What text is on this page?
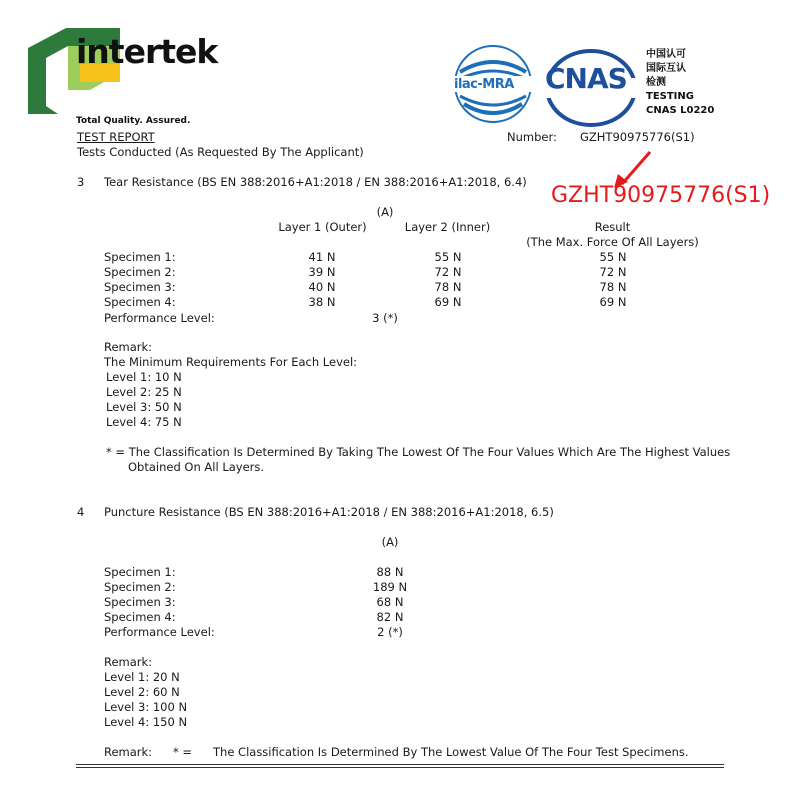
intertek
Total Quality. Assured.
ilac-MRA CNAS
中国认可
国际互认
检测
TESTING
CNAS L0220
TEST REPORT
Tests Conducted (As Requested By The Applicant)
Number: GZHT90975776(S1)
GZHT90975776(S1)
3 Tear Resistance (BS EN 388:2016+A1:2018 / EN 388:2016+A1:2018, 6.4)
(A)
Layer 1 (Outer)	Layer 2 (Inner)	Result
(The Max. Force Of All Layers)
Specimen 1:	41 N	55 N	55 N
Specimen 2:	39 N	72 N	72 N
Specimen 3:	40 N	78 N	78 N
Specimen 4:	38 N	69 N	69 N
Performance Level:	3 (*)
Remark:
The Minimum Requirements For Each Level:
Level 1: 10 N
Level 2: 25 N
Level 3: 50 N
Level 4: 75 N
* = The Classification Is Determined By Taking The Lowest Of The Four Values Which Are The Highest Values
Obtained On All Layers.
4 Puncture Resistance (BS EN 388:2016+A1:2018 / EN 388:2016+A1:2018, 6.5)
(A)
Specimen 1:	88 N
Specimen 2:	189 N
Specimen 3:	68 N
Specimen 4:	82 N
Performance Level:	2 (*)
Remark:
Level 1: 20 N
Level 2: 60 N
Level 3: 100 N
Level 4: 150 N
Remark: * = The Classification Is Determined By The Lowest Value Of The Four Test Specimens.
